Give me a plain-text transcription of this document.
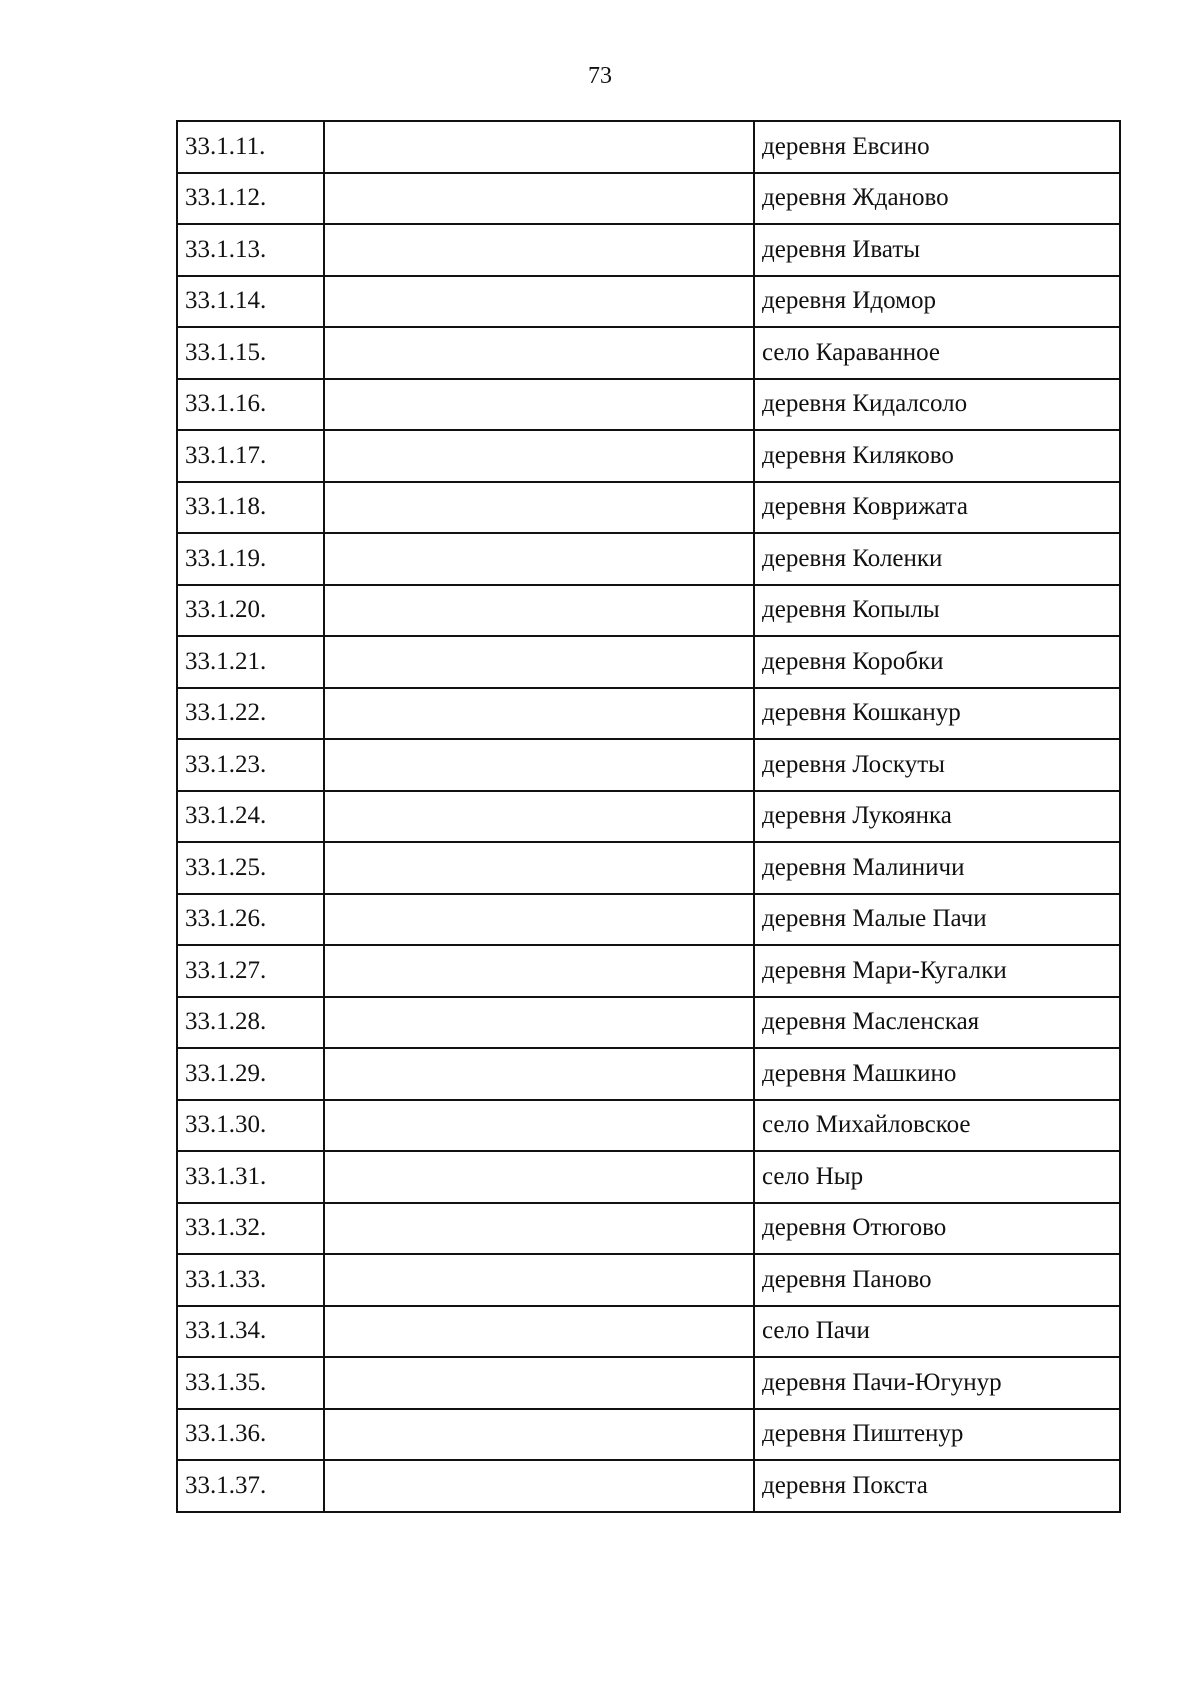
73
33.1.11.		деревня Евсино
33.1.12.		деревня Жданово
33.1.13.		деревня Иваты
33.1.14.		деревня Идомор
33.1.15.		село Караванное
33.1.16.		деревня Кидалсоло
33.1.17.		деревня Киляково
33.1.18.		деревня Коврижата
33.1.19.		деревня Коленки
33.1.20.		деревня Копылы
33.1.21.		деревня Коробки
33.1.22.		деревня Кошканур
33.1.23.		деревня Лоскуты
33.1.24.		деревня Лукоянка
33.1.25.		деревня Малиничи
33.1.26.		деревня Малые Пачи
33.1.27.		деревня Мари-Кугалки
33.1.28.		деревня Масленская
33.1.29.		деревня Машкино
33.1.30.		село Михайловское
33.1.31.		село Ныр
33.1.32.		деревня Отюгово
33.1.33.		деревня Паново
33.1.34.		село Пачи
33.1.35.		деревня Пачи-Югунур
33.1.36.		деревня Пиштенур
33.1.37.		деревня Покста
